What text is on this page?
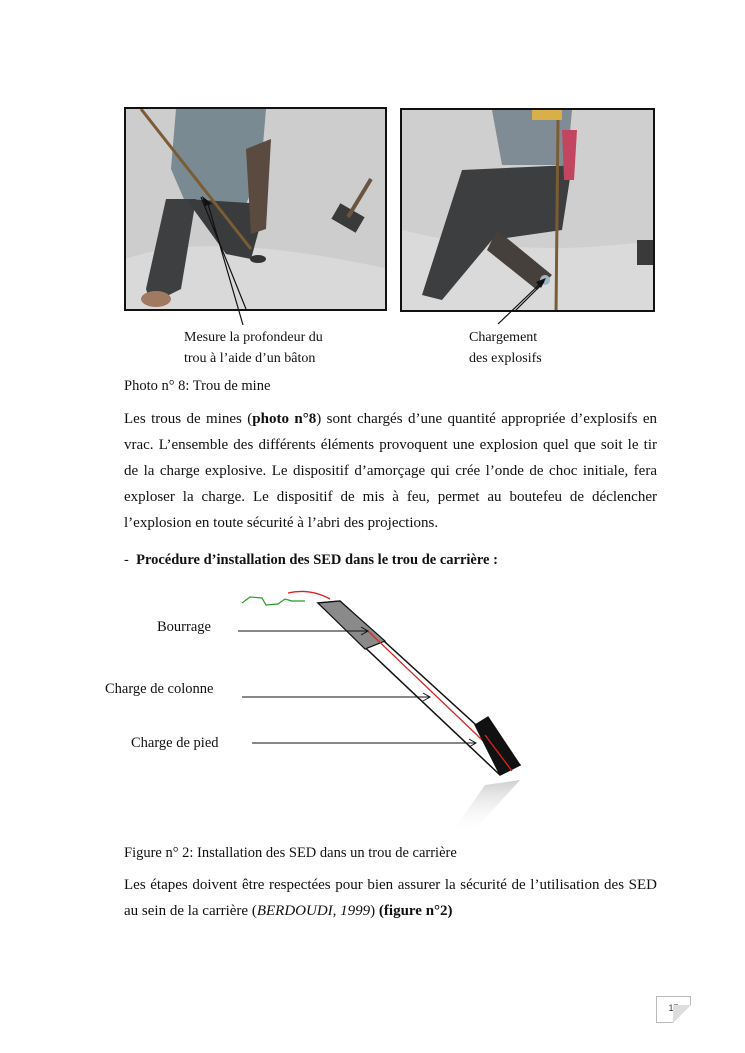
Mesure la profondeur du
trou à l’aide d’un bâton
Chargement
des explosifs
Photo n° 8: Trou de mine
Les trous de mines (photo n°8) sont chargés d’une quantité appropriée d’explosifs en vrac. L’ensemble des différents éléments provoquent une explosion quel que soit le tir de la charge explosive. Le dispositif d’amorçage qui crée l’onde de choc initiale, fera exploser la charge. Le dispositif de mis à feu, permet au boutefeu de déclencher l’explosion en toute sécurité à l’abri des projections.
- Procédure d’installation des SED dans le trou de carrière :
Bourrage
Charge de colonne
Charge de pied
Figure n° 2: Installation des SED dans un trou de carrière
Les étapes doivent être respectées pour bien assurer la sécurité de l’utilisation des SED au sein de la carrière (BERDOUDI, 1999) (figure n°2)
17
